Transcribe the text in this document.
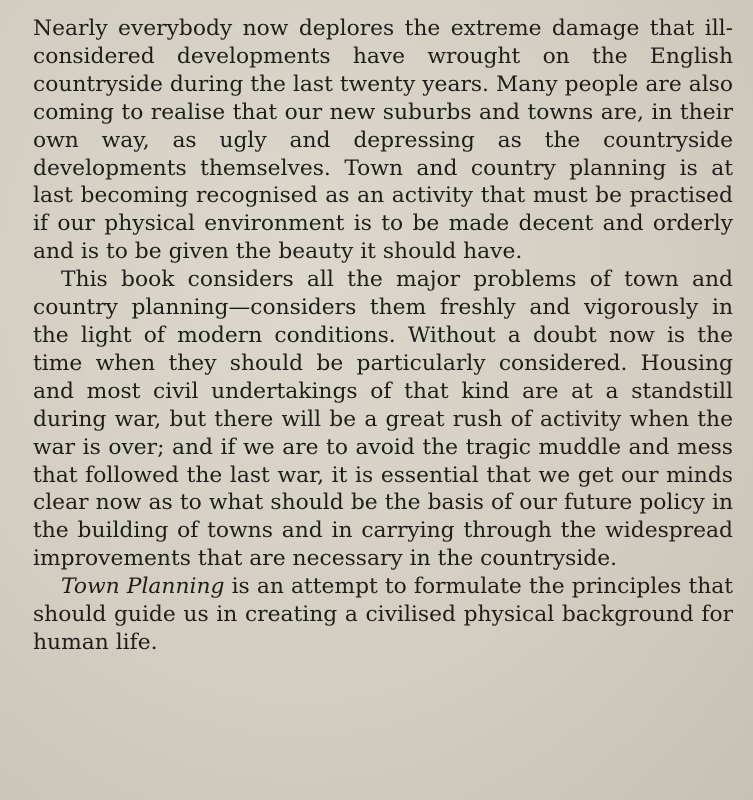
Nearly everybody now deplores the extreme damage that ill-considered developments have wrought on the English countryside during the last twenty years. Many people are also coming to realise that our new suburbs and towns are, in their own way, as ugly and depressing as the countryside developments themselves. Town and country planning is at last becoming recognised as an activity that must be practised if our physical environment is to be made decent and orderly and is to be given the beauty it should have.

This book considers all the major problems of town and country planning—considers them freshly and vigorously in the light of modern conditions. Without a doubt now is the time when they should be particularly considered. Housing and most civil undertakings of that kind are at a standstill during war, but there will be a great rush of activity when the war is over; and if we are to avoid the tragic muddle and mess that followed the last war, it is essential that we get our minds clear now as to what should be the basis of our future policy in the building of towns and in carrying through the widespread improvements that are necessary in the countryside.

Town Planning is an attempt to formulate the principles that should guide us in creating a civilised physical background for human life.
